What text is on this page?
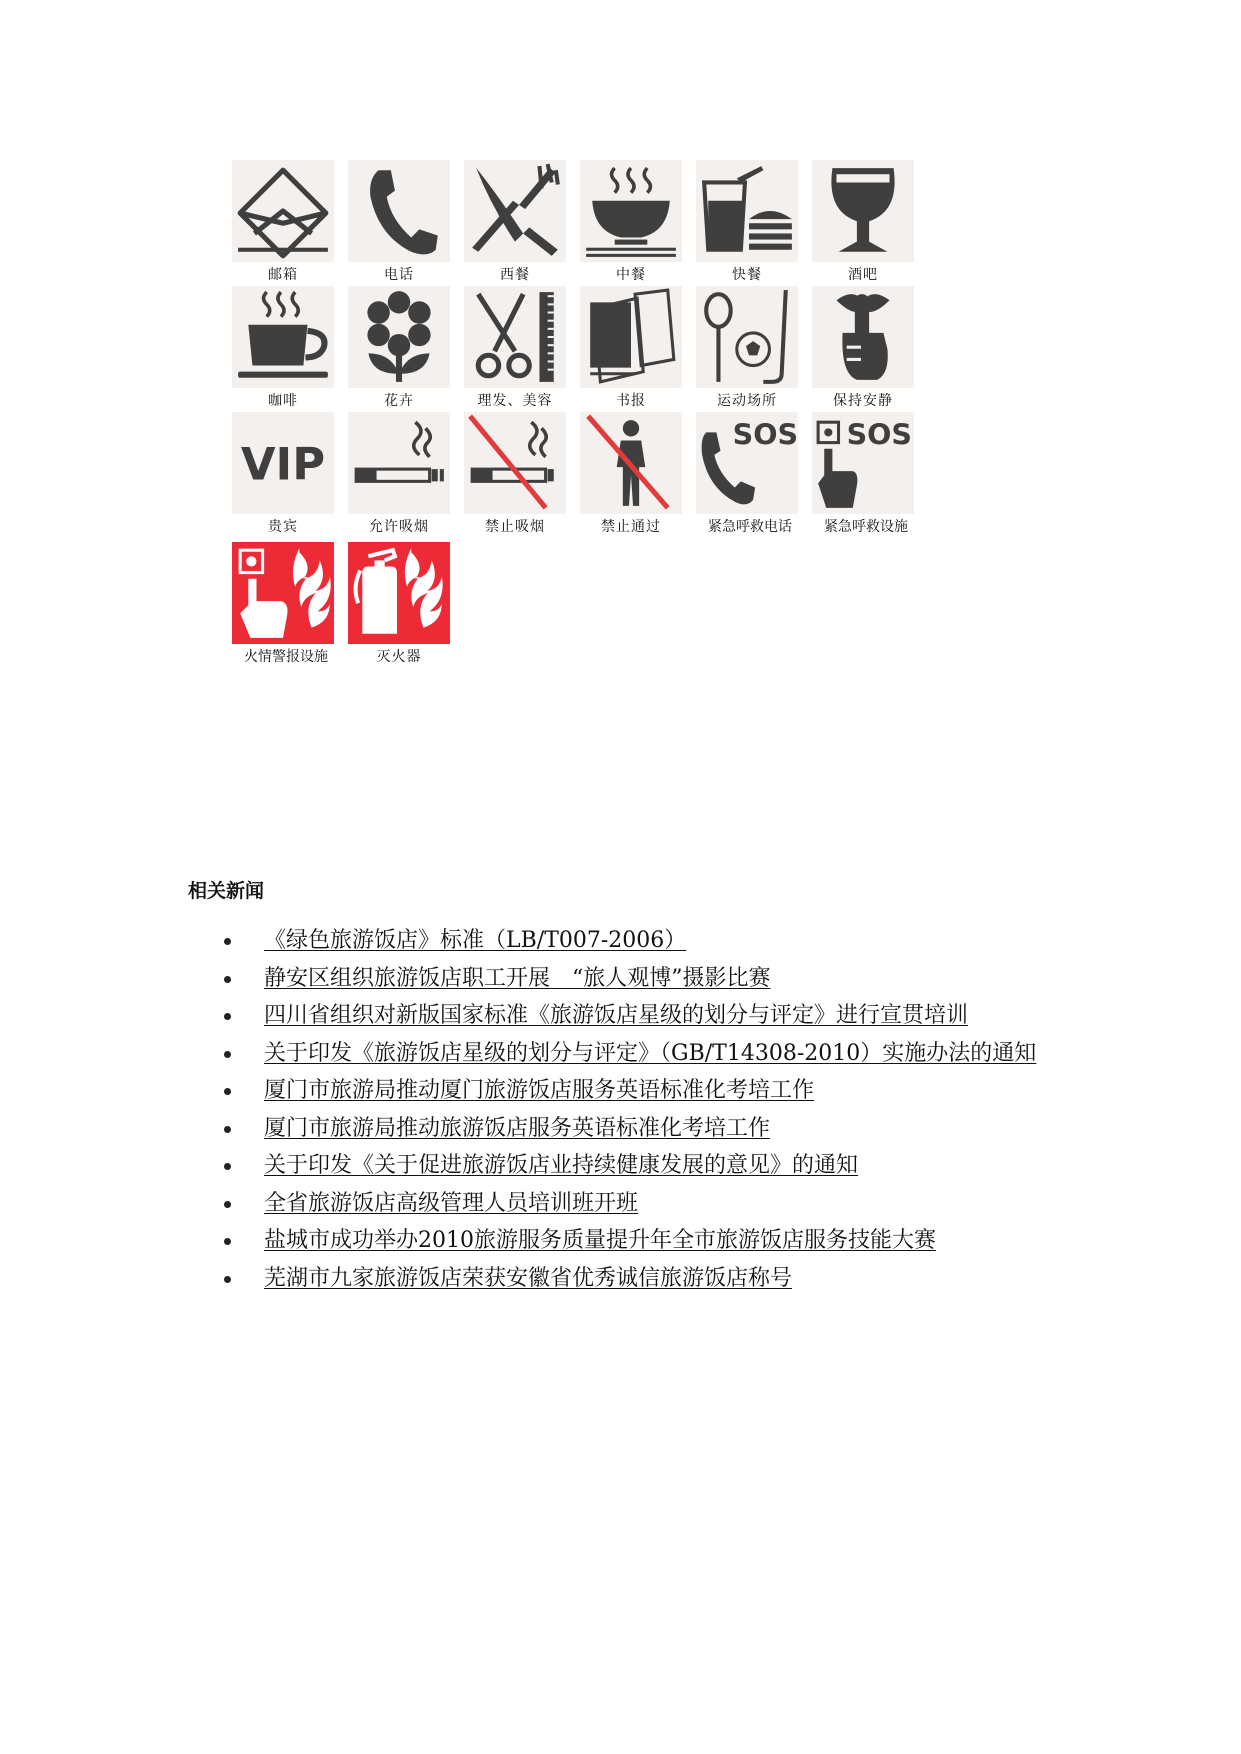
邮箱	电话	西餐	中餐	快餐	酒吧
咖啡	花卉	理发、美容	书报	运动场所	保持安静
VIP
贵宾	允许吸烟	禁止吸烟	禁止通过
SOS
紧急呼救电话
SOS
紧急呼救设施
火情警报设施	灭火器
相关新闻
《绿色旅游饭店》标准（LB/T007-2006）
静安区组织旅游饭店职工开展　“旅人观博”摄影比赛
四川省组织对新版国家标准《旅游饭店星级的划分与评定》进行宣贯培训
关于印发《旅游饭店星级的划分与评定》（GB/T14308-2010）实施办法的通知
厦门市旅游局推动厦门旅游饭店服务英语标准化考培工作
厦门市旅游局推动旅游饭店服务英语标准化考培工作
关于印发《关于促进旅游饭店业持续健康发展的意见》的通知
全省旅游饭店高级管理人员培训班开班
盐城市成功举办2010旅游服务质量提升年全市旅游饭店服务技能大赛
芜湖市九家旅游饭店荣获安徽省优秀诚信旅游饭店称号
